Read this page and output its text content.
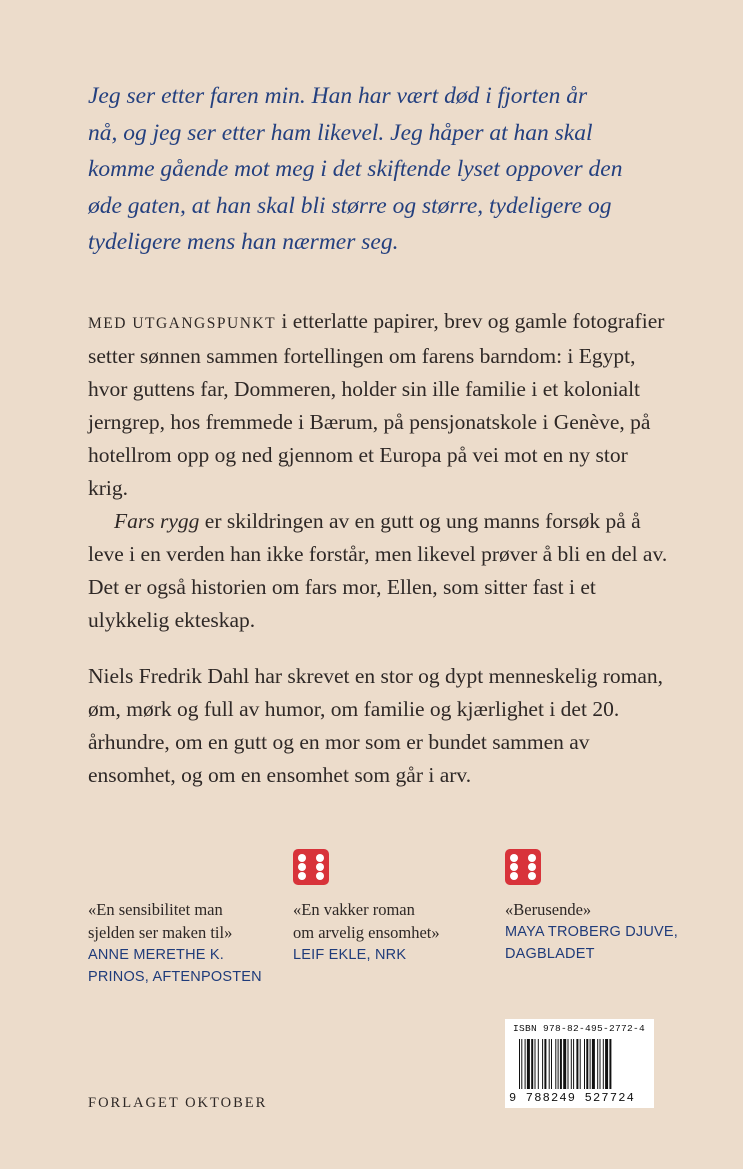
Jeg ser etter faren min. Han har vært død i fjorten år

nå, og jeg ser etter ham likevel. Jeg håper at han skal

komme gående mot meg i det skiftende lyset oppover den

øde gaten, at han skal bli større og større, tydeligere og

tydeligere mens han nærmer seg.

MED UTGANGSPUNKT i etterlatte papirer, brev og gamle fotografier setter sønnen sammen fortellingen om farens barndom: i Egypt, hvor guttens far, Dommeren, holder sin ille familie i et kolonialt jerngrep, hos fremmede i Bærum, på pensjonatskole i Genève, på hotellrom opp og ned gjennom et Europa på vei mot en ny stor krig.

Fars rygg er skildringen av en gutt og ung manns forsøk på å leve i en verden han ikke forstår, men likevel prøver å bli en del av. Det er også historien om fars mor, Ellen, som sitter fast i et ulykkelig ekteskap.

Niels Fredrik Dahl har skrevet en stor og dypt menneskelig roman, øm, mørk og full av humor, om familie og kjærlighet i det 20. århundre, om en gutt og en mor som er bundet sammen av ensomhet, og om en ensomhet som går i arv.

«En sensibilitet man
sjelden ser maken til»
ANNE MERETHE K.
PRINOS, AFTENPOSTEN
«En vakker roman
om arvelig ensomhet»
LEIF EKLE, NRK
«Berusende»
MAYA TROBERG DJUVE,
DAGBLADET
FORLAGET OKTOBER
ISBN 978-82-495-2772-4
9 788249 527724
